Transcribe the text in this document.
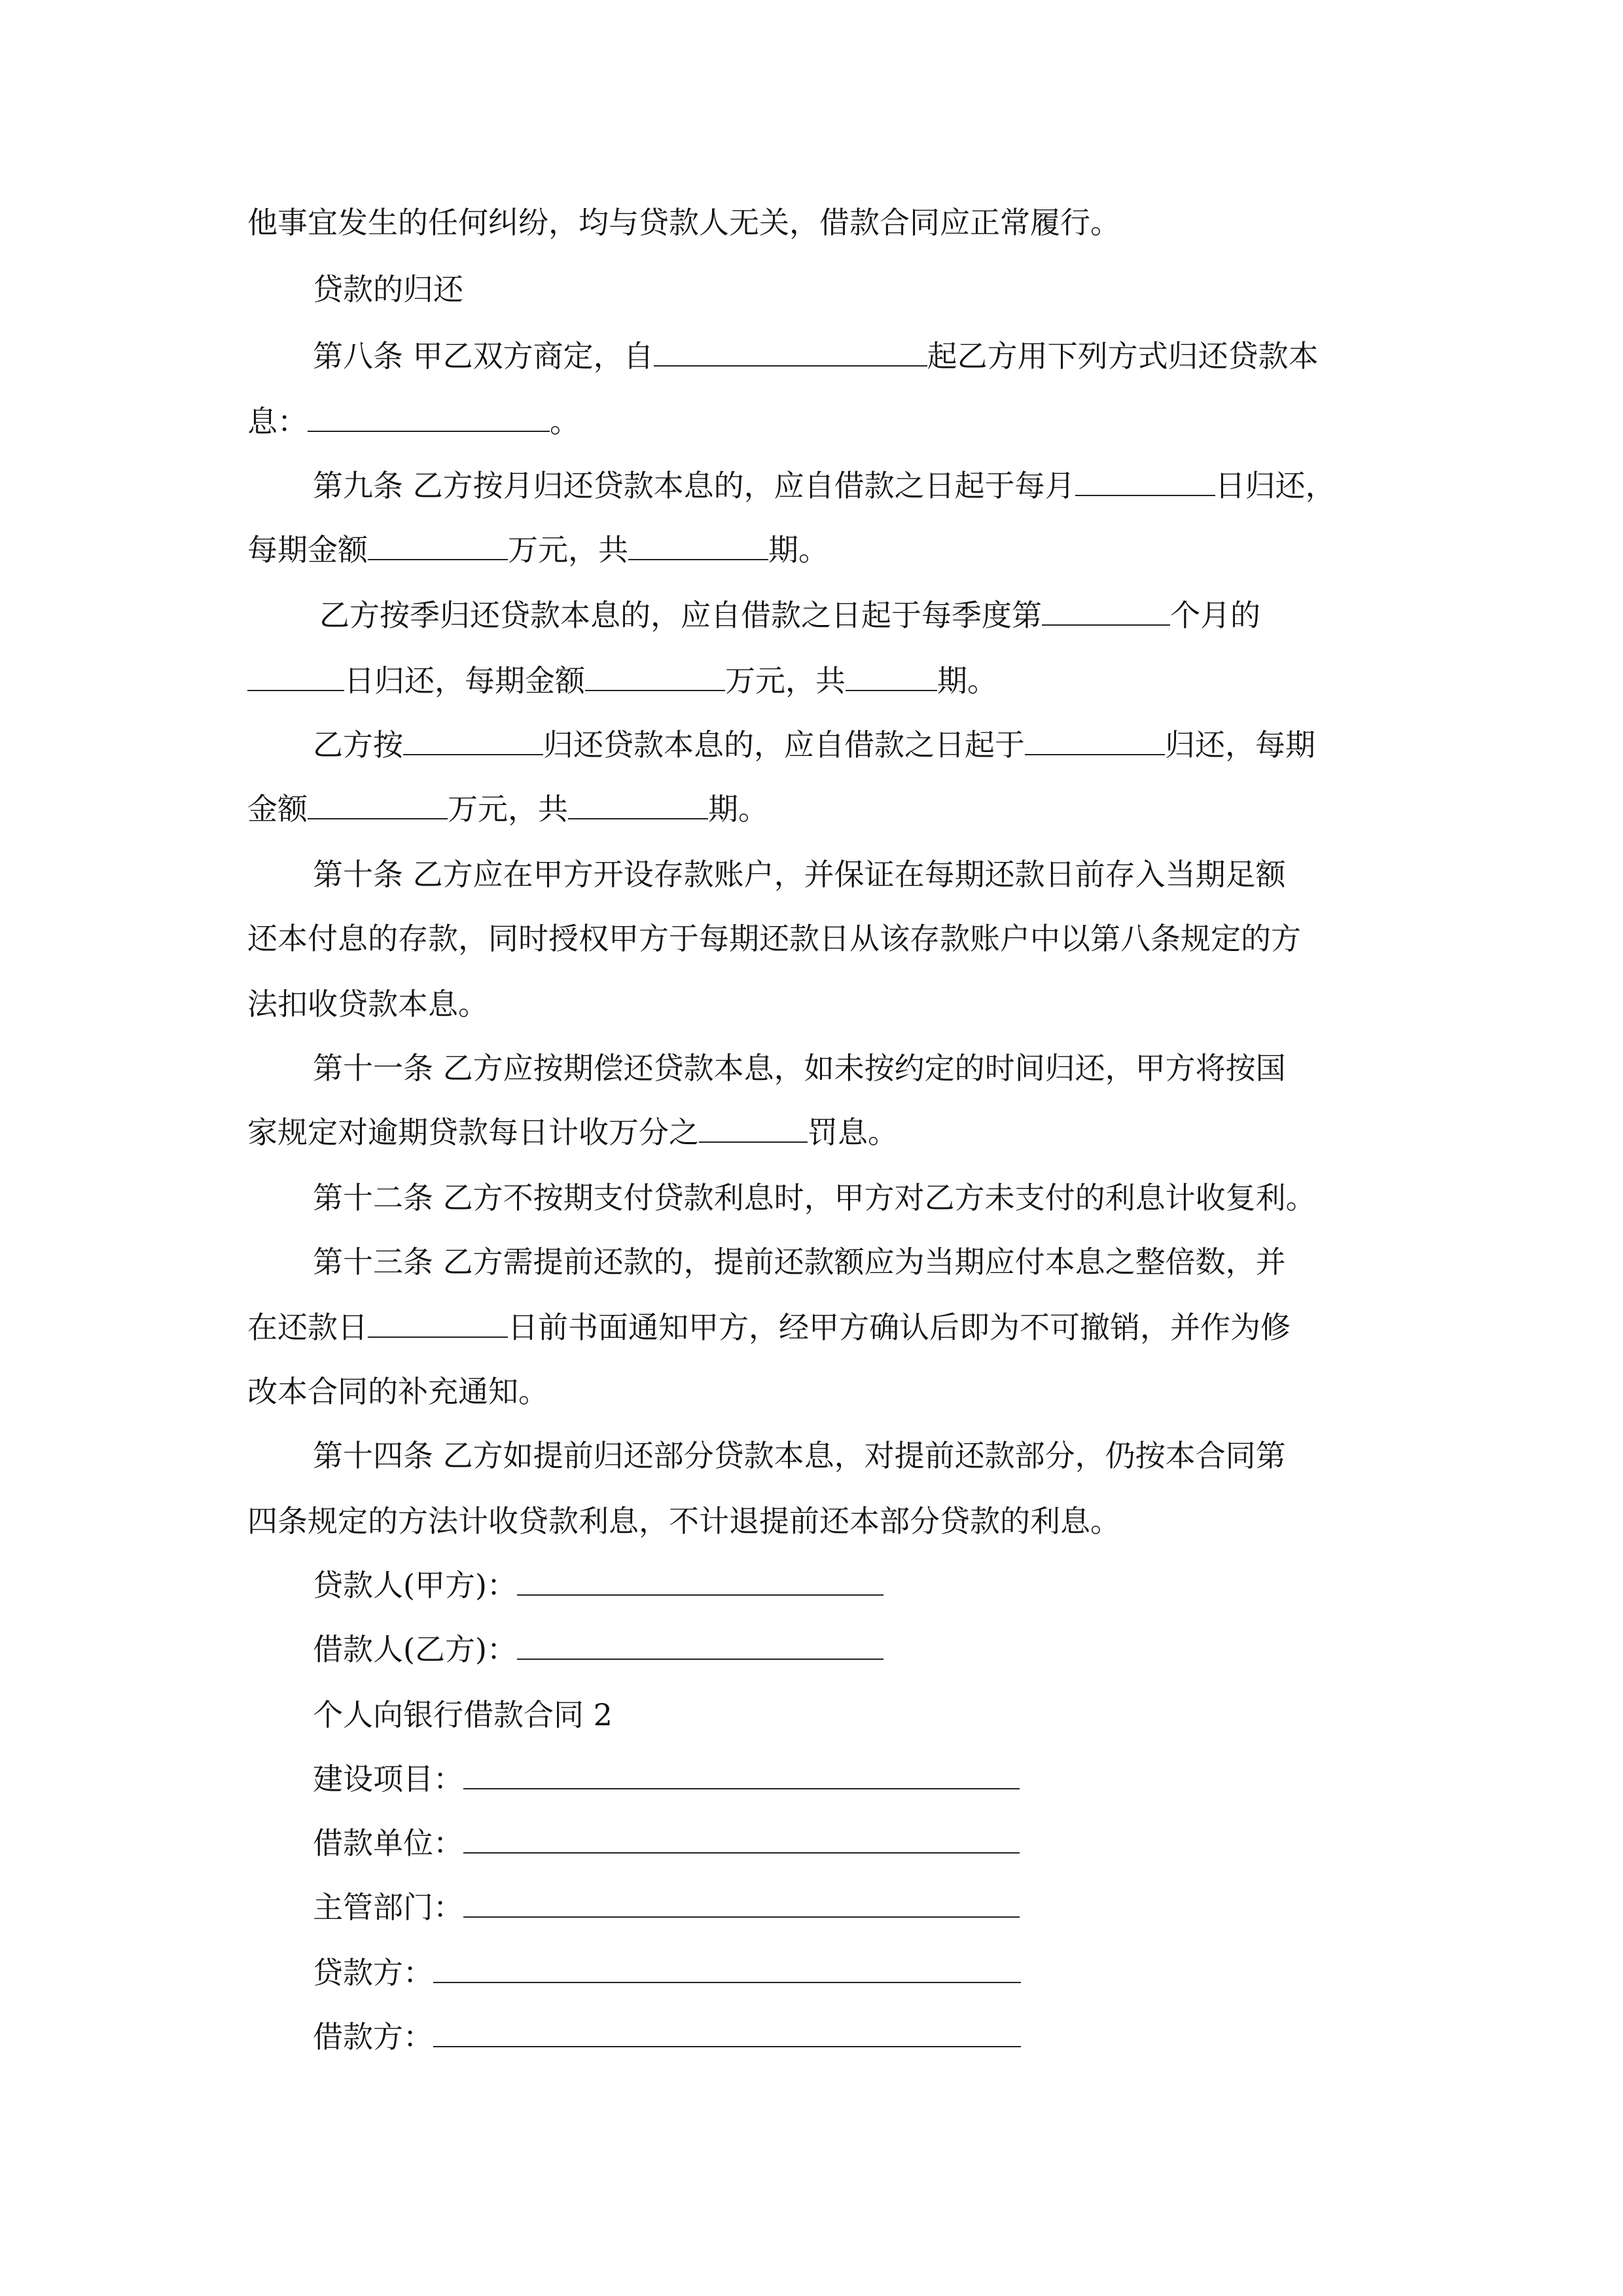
他事宜发生的任何纠纷，均与贷款人无关，借款合同应正常履行。
贷款的归还
第八条 甲乙双方商定，自	起乙方用下列方式归还贷款本
息：	。
第九条 乙方按月归还贷款本息的，应自借款之日起于每月	日归还，
每期金额	万元，共	期。
乙方按季归还贷款本息的，应自借款之日起于每季度第	个月的
日归还，每期金额	万元，共	期。
乙方按	归还贷款本息的，应自借款之日起于	归还，每期
金额	万元，共	期。
第十条 乙方应在甲方开设存款账户，并保证在每期还款日前存入当期足额
还本付息的存款，同时授权甲方于每期还款日从该存款账户中以第八条规定的方
法扣收贷款本息。
第十一条 乙方应按期偿还贷款本息，如未按约定的时间归还，甲方将按国
家规定对逾期贷款每日计收万分之	罚息。
第十二条 乙方不按期支付贷款利息时，甲方对乙方未支付的利息计收复利。
第十三条 乙方需提前还款的，提前还款额应为当期应付本息之整倍数，并
在还款日	日前书面通知甲方，经甲方确认后即为不可撤销，并作为修
改本合同的补充通知。
第十四条 乙方如提前归还部分贷款本息，对提前还款部分，仍按本合同第
四条规定的方法计收贷款利息，不计退提前还本部分贷款的利息。
贷款人(甲方)：
借款人(乙方)：
个人向银行借款合同 2
建设项目：
借款单位：
主管部门：
贷款方：
借款方：
